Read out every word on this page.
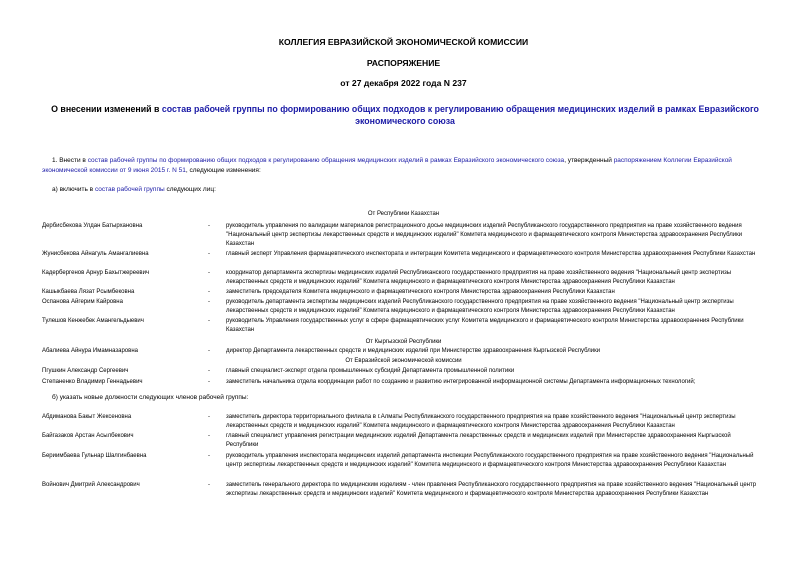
КОЛЛЕГИЯ ЕВРАЗИЙСКОЙ ЭКОНОМИЧЕСКОЙ КОМИССИИ
РАСПОРЯЖЕНИЕ
от 27 декабря 2022 года N 237
О внесении изменений в состав рабочей группы по формированию общих подходов к регулированию обращения медицинских изделий в рамках Евразийского экономического союза
1. Внести в состав рабочей группы по формированию общих подходов к регулированию обращения медицинских изделий в рамках Евразийского экономического союза, утвержденный распоряжением Коллегии Евразийской экономической комиссии от 9 июня 2015 г. N 51, следующие изменения:
а) включить в состав рабочей группы следующих лиц:
От Республики Казахстан
Дербисбекова Улдан Батырхановна	-	руководитель управления по валидации материалов регистрационного досье медицинских изделий Республиканского государственного предприятия на праве хозяйственного ведения "Национальный центр экспертизы лекарственных средств и медицинских изделий" Комитета медицинского и фармацевтического контроля Министерства здравоохранения Республики Казахстан
Жунисбекова Айнагуль Амангалиевна	-	главный эксперт Управления фармацевтического инспектората и интеграции Комитета медицинского и фармацевтического контроля Министерства здравоохранения Республики Казахстан
Кадербергенов Арнур Бахытжереевич	-	координатор департамента экспертизы медицинских изделий Республиканского государственного предприятия на праве хозяйственного ведения "Национальный центр экспертизы лекарственных средств и медицинских изделий" Комитета медицинского и фармацевтического контроля Министерства здравоохранения Республики Казахстан
Кашыкбаева Лязат Рсымбековна	-	заместитель председателя Комитета медицинского и фармацевтического контроля Министерства здравоохранения Республики Казахстан
Оспанова Айгерим Кайровна	-	руководитель департамента экспертизы медицинских изделий Республиканского государственного предприятия на праве хозяйственного ведения "Национальный центр экспертизы лекарственных средств и медицинских изделий" Комитета медицинского и фармацевтического контроля Министерства здравоохранения Республики Казахстан
Тулешов Кенжебек Амангельдыевич	-	руководитель Управления государственных услуг в сфере фармацевтических услуг Комитета медицинского и фармацевтического контроля Министерства здравоохранения Республики Казахстан
Абалиева Айнура Имамназаровна	-	директор Департамента лекарственных средств и медицинских изделий при Министерстве здравоохранения Кыргызской Республики
Пгушкин Александр Сергеевич	-	главный специалист-эксперт отдела промышленных субсидий Департамента промышленной политики
Степаненко Владимир Геннадьевич	-	заместитель начальника отдела координации работ по созданию и развитию интегрированной информационной системы Департамента информационных технологий;
От Кыргызской Республики
От Евразийской экономической комиссии
б) указать новые должности следующих членов рабочей группы:
Абдиманова Бакыт Жексеновна	-	заместитель директора территориального филиала в г.Алматы Республиканского государственного предприятия на праве хозяйственного ведения "Национальный центр экспертизы лекарственных средств и медицинских изделий" Комитета медицинского и фармацевтического контроля Министерства здравоохранения Республики Казахстан
Байгазаков Арстан Асылбекович	-	главный специалист управления регистрации медицинских изделий Департамента лекарственных средств и медицинских изделий при Министерстве здравоохранения Кыргызской Республики
Бериимбаева Гульнар Шалгинбаевна	-	руководитель управления инспектората медицинских изделий департамента инспекции Республиканского государственного предприятия на праве хозяйственного ведения "Национальный центр экспертизы лекарственных средств и медицинских изделий" Комитета медицинского и фармацевтического контроля Министерства здравоохранения Республики Казахстан
Войнович Дмитрий Александрович	-	заместитель генерального директора по медицинским изделиям - член правления Республиканского государственного предприятия на праве хозяйственного ведения "Национальный центр экспертизы лекарственных средств и медицинских изделий" Комитета медицинского и фармацевтического контроля Министерства здравоохранения Республики Казахстан
